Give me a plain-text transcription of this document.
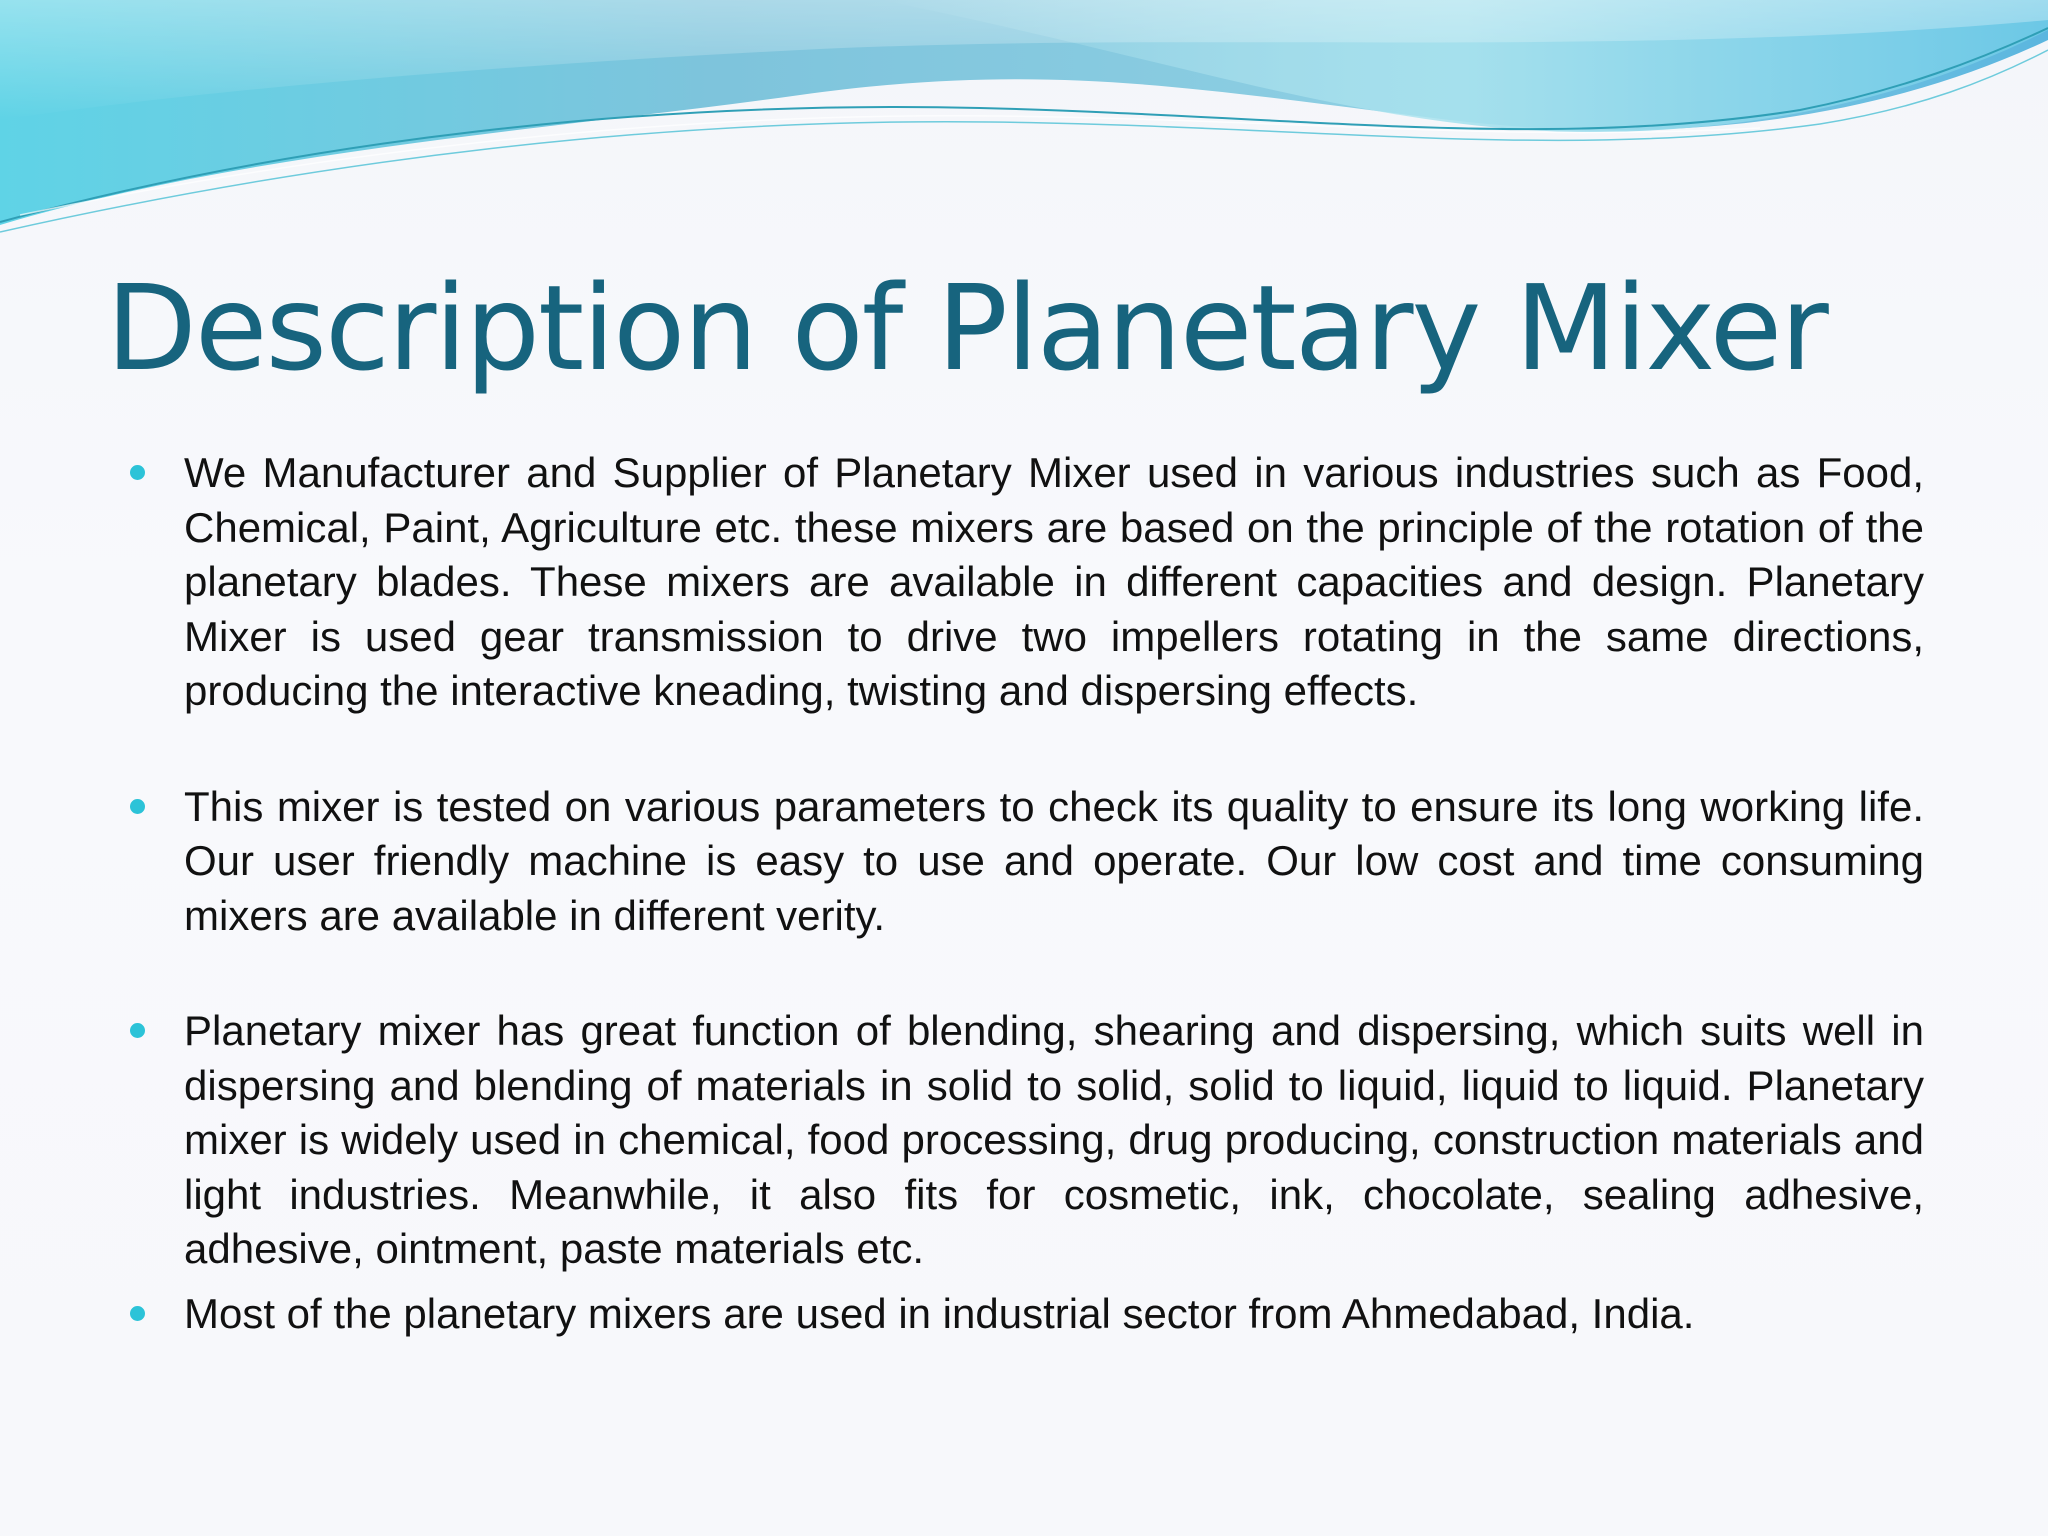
Description of Planetary Mixer
We Manufacturer and Supplier of Planetary Mixer used in various industries such as Food, Chemical, Paint, Agriculture etc. these mixers are based on the principle of the rotation of the planetary blades. These mixers are available in different capacities and design. Planetary Mixer is used gear transmission to drive two impellers rotating in the same directions, producing the interactive kneading, twisting and dispersing effects.
This mixer is tested on various parameters to check its quality to ensure its long working life. Our user friendly machine is easy to use and operate. Our low cost and time consuming mixers are available in different verity.
Planetary mixer has great function of blending, shearing and dispersing, which suits well in dispersing and blending of materials in solid to solid, solid to liquid, liquid to liquid. Planetary mixer is widely used in chemical, food processing, drug producing, construction materials and light industries. Meanwhile, it also fits for cosmetic, ink, chocolate, sealing adhesive, adhesive, ointment, paste materials etc.
Most of the planetary mixers are used in industrial sector from Ahmedabad, India.
